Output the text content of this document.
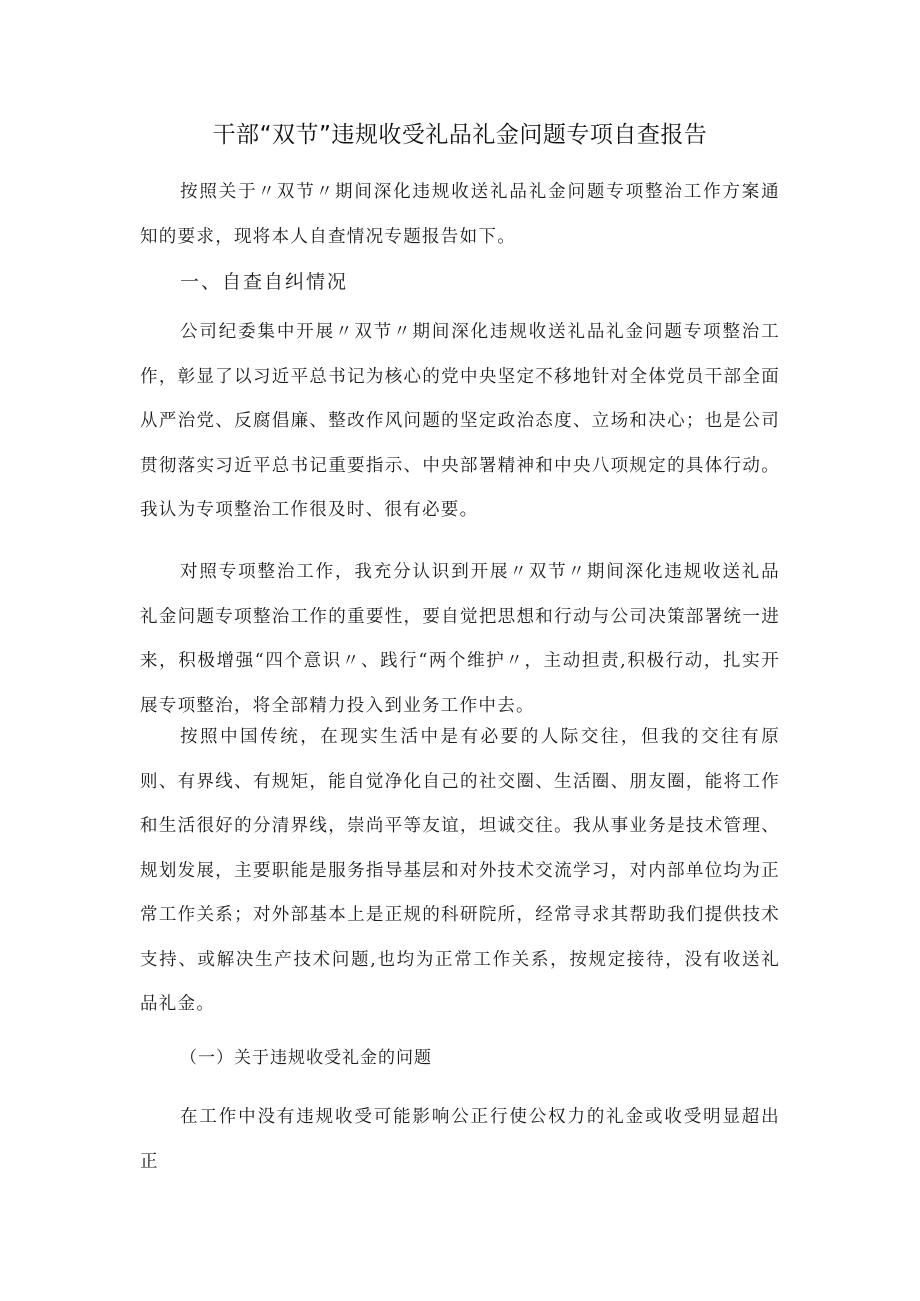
干部“双节”违规收受礼品礼金问题专项自查报告

按照关于〃双节〃期间深化违规收送礼品礼金问题专项整治工作方案通知的要求，现将本人自查情况专题报告如下。

一、自查自纠情况

公司纪委集中开展〃双节〃期间深化违规收送礼品礼金问题专项整治工作，彰显了以习近平总书记为核心的党中央坚定不移地针对全体党员干部全面从严治党、反腐倡廉、整改作风问题的坚定政治态度、立场和决心；也是公司贯彻落实习近平总书记重要指示、中央部署精神和中央八项规定的具体行动。我认为专项整治工作很及时、很有必要。

对照专项整治工作，我充分认识到开展〃双节〃期间深化违规收送礼品礼金问题专项整治工作的重要性，要自觉把思想和行动与公司决策部署统一进来，积极增强“四个意识〃、践行“两个维护〃，主动担责,积极行动，扎实开展专项整治，将全部精力投入到业务工作中去。

按照中国传统，在现实生活中是有必要的人际交往，但我的交往有原则、有界线、有规矩，能自觉净化自己的社交圈、生活圈、朋友圈，能将工作和生活很好的分清界线，崇尚平等友谊，坦诚交往。我从事业务是技术管理、规划发展，主要职能是服务指导基层和对外技术交流学习，对内部单位均为正常工作关系；对外部基本上是正规的科研院所，经常寻求其帮助我们提供技术支持、或解决生产技术问题,也均为正常工作关系，按规定接待，没有收送礼品礼金。

（一）关于违规收受礼金的问题

在工作中没有违规收受可能影响公正行使公权力的礼金或收受明显超出正
